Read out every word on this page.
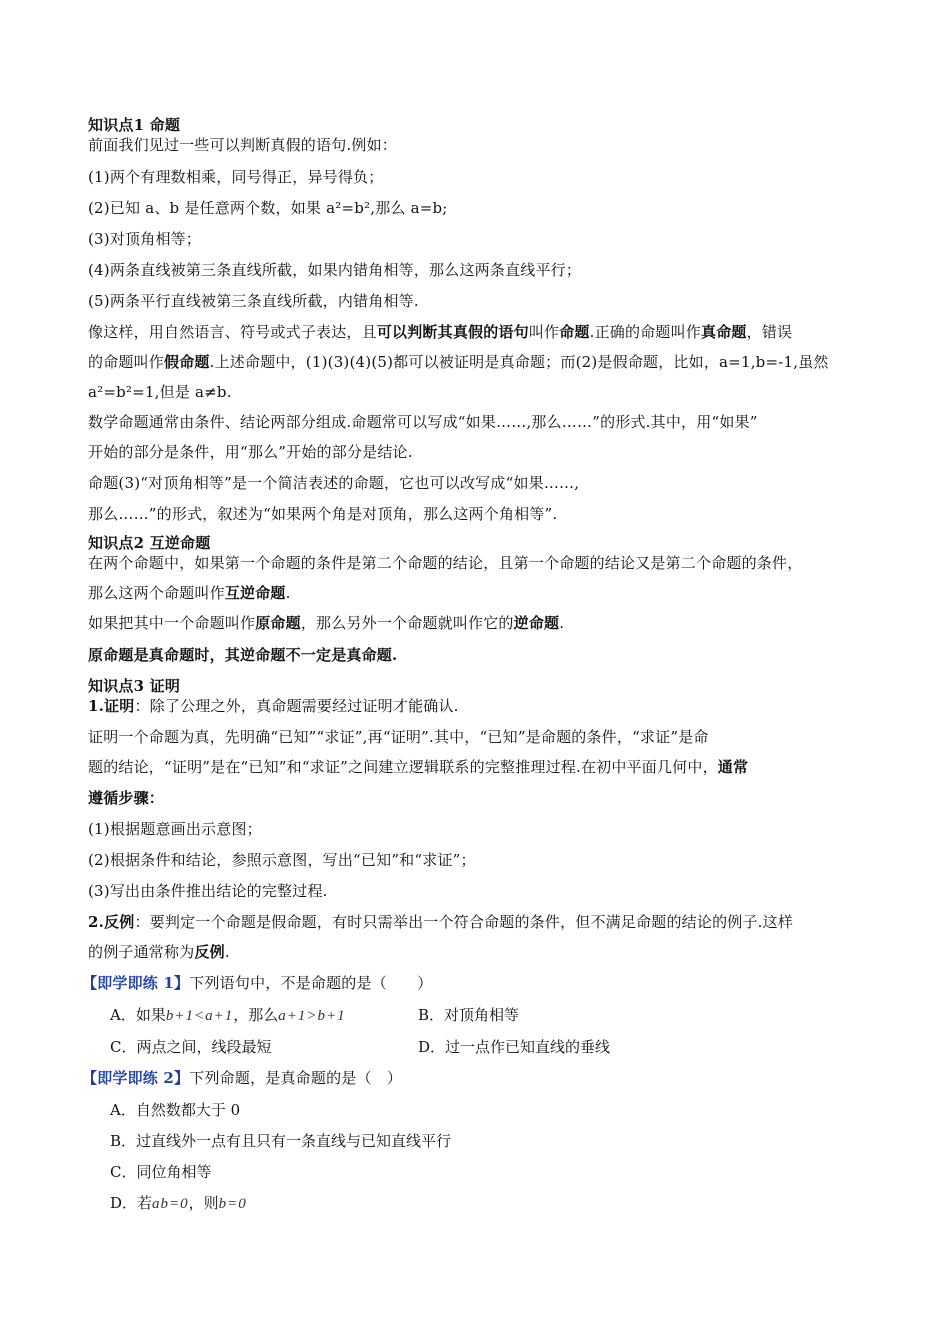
知识点1 命题
前面我们见过一些可以判断真假的语句.例如：
(1)两个有理数相乘，同号得正，异号得负；
(2)已知 a、b 是任意两个数，如果 a²=b²,那么 a=b;
(3)对顶角相等；
(4)两条直线被第三条直线所截，如果内错角相等，那么这两条直线平行；
(5)两条平行直线被第三条直线所截，内错角相等.
像这样，用自然语言、符号或式子表达，且可以判断其真假的语句叫作命题.正确的命题叫作真命题，错误
的命题叫作假命题.上述命题中，(1)(3)(4)(5)都可以被证明是真命题；而(2)是假命题，比如，a=1,b=-1,虽然
a²=b²=1,但是 a≠b.
数学命题通常由条件、结论两部分组成.命题常可以写成“如果……,那么……”的形式.其中，用“如果”
开始的部分是条件，用“那么”开始的部分是结论.
命题(3)“对顶角相等”是一个简洁表述的命题，它也可以改写成“如果……,
那么……”的形式，叙述为“如果两个角是对顶角，那么这两个角相等”.
知识点2 互逆命题
在两个命题中，如果第一个命题的条件是第二个命题的结论，且第一个命题的结论又是第二个命题的条件，
那么这两个命题叫作互逆命题.
如果把其中一个命题叫作原命题，那么另外一个命题就叫作它的逆命题.
原命题是真命题时，其逆命题不一定是真命题.
知识点3 证明
1.证明：除了公理之外，真命题需要经过证明才能确认.
证明一个命题为真，先明确“已知”“求证”,再“证明”.其中，“已知”是命题的条件，“求证”是命
题的结论，“证明”是在“已知”和“求证”之间建立逻辑联系的完整推理过程.在初中平面几何中，通常
遵循步骤：
(1)根据题意画出示意图；
(2)根据条件和结论，参照示意图，写出“已知”和“求证”；
(3)写出由条件推出结论的完整过程.
2.反例：要判定一个命题是假命题，有时只需举出一个符合命题的条件，但不满足命题的结论的例子.这样
的例子通常称为反例.
【即学即练 1】下列语句中，不是命题的是（　　）
A．如果b+1<a+1，那么a+1>b+1	B．对顶角相等
C．两点之间，线段最短	D．过一点作已知直线的垂线
【即学即练 2】下列命题，是真命题的是（　）
A．自然数都大于 0
B．过直线外一点有且只有一条直线与已知直线平行
C．同位角相等
D．若ab=0，则b=0
